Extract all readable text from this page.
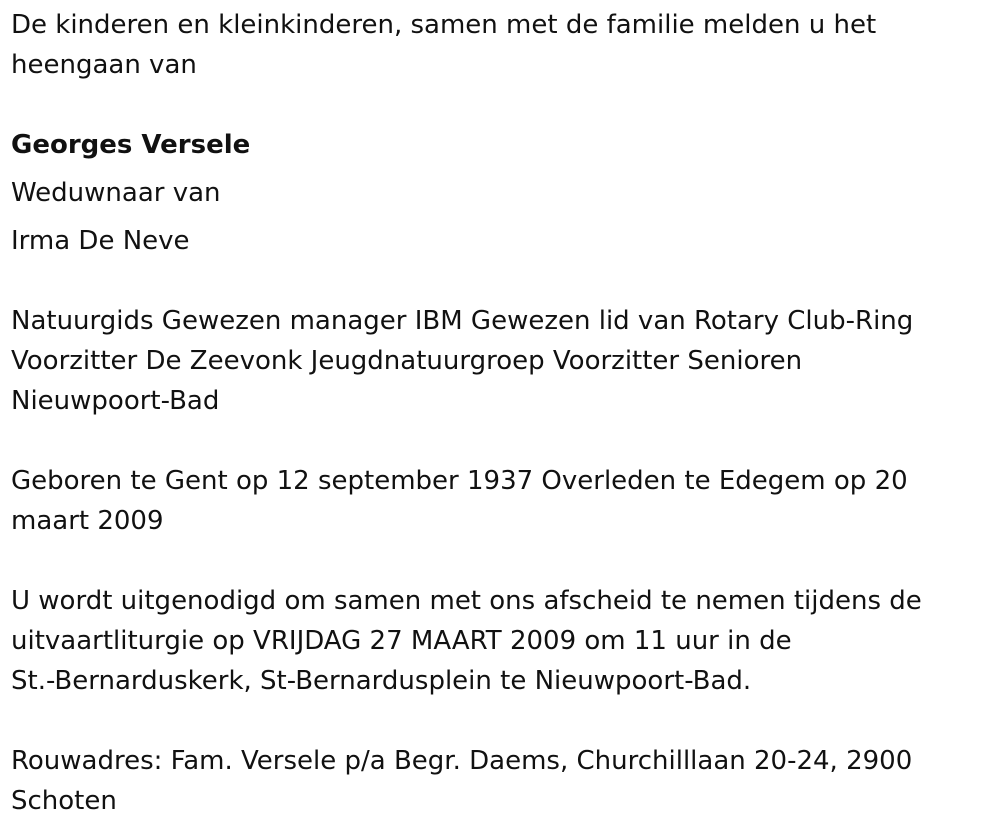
De kinderen en kleinkinderen, samen met de familie melden u het
heengaan van
Georges Versele
Weduwnaar van
Irma De Neve
Natuurgids Gewezen manager IBM Gewezen lid van Rotary Club-Ring
Voorzitter De Zeevonk Jeugdnatuurgroep Voorzitter Senioren
Nieuwpoort-Bad
Geboren te Gent op 12 september 1937 Overleden te Edegem op 20
maart 2009
U wordt uitgenodigd om samen met ons afscheid te nemen tijdens de
uitvaartliturgie op VRIJDAG 27 MAART 2009 om 11 uur in de
St.-Bernarduskerk, St-Bernardusplein te Nieuwpoort-Bad.
Rouwadres: Fam. Versele p/a Begr. Daems, Churchilllaan 20-24, 2900
Schoten
